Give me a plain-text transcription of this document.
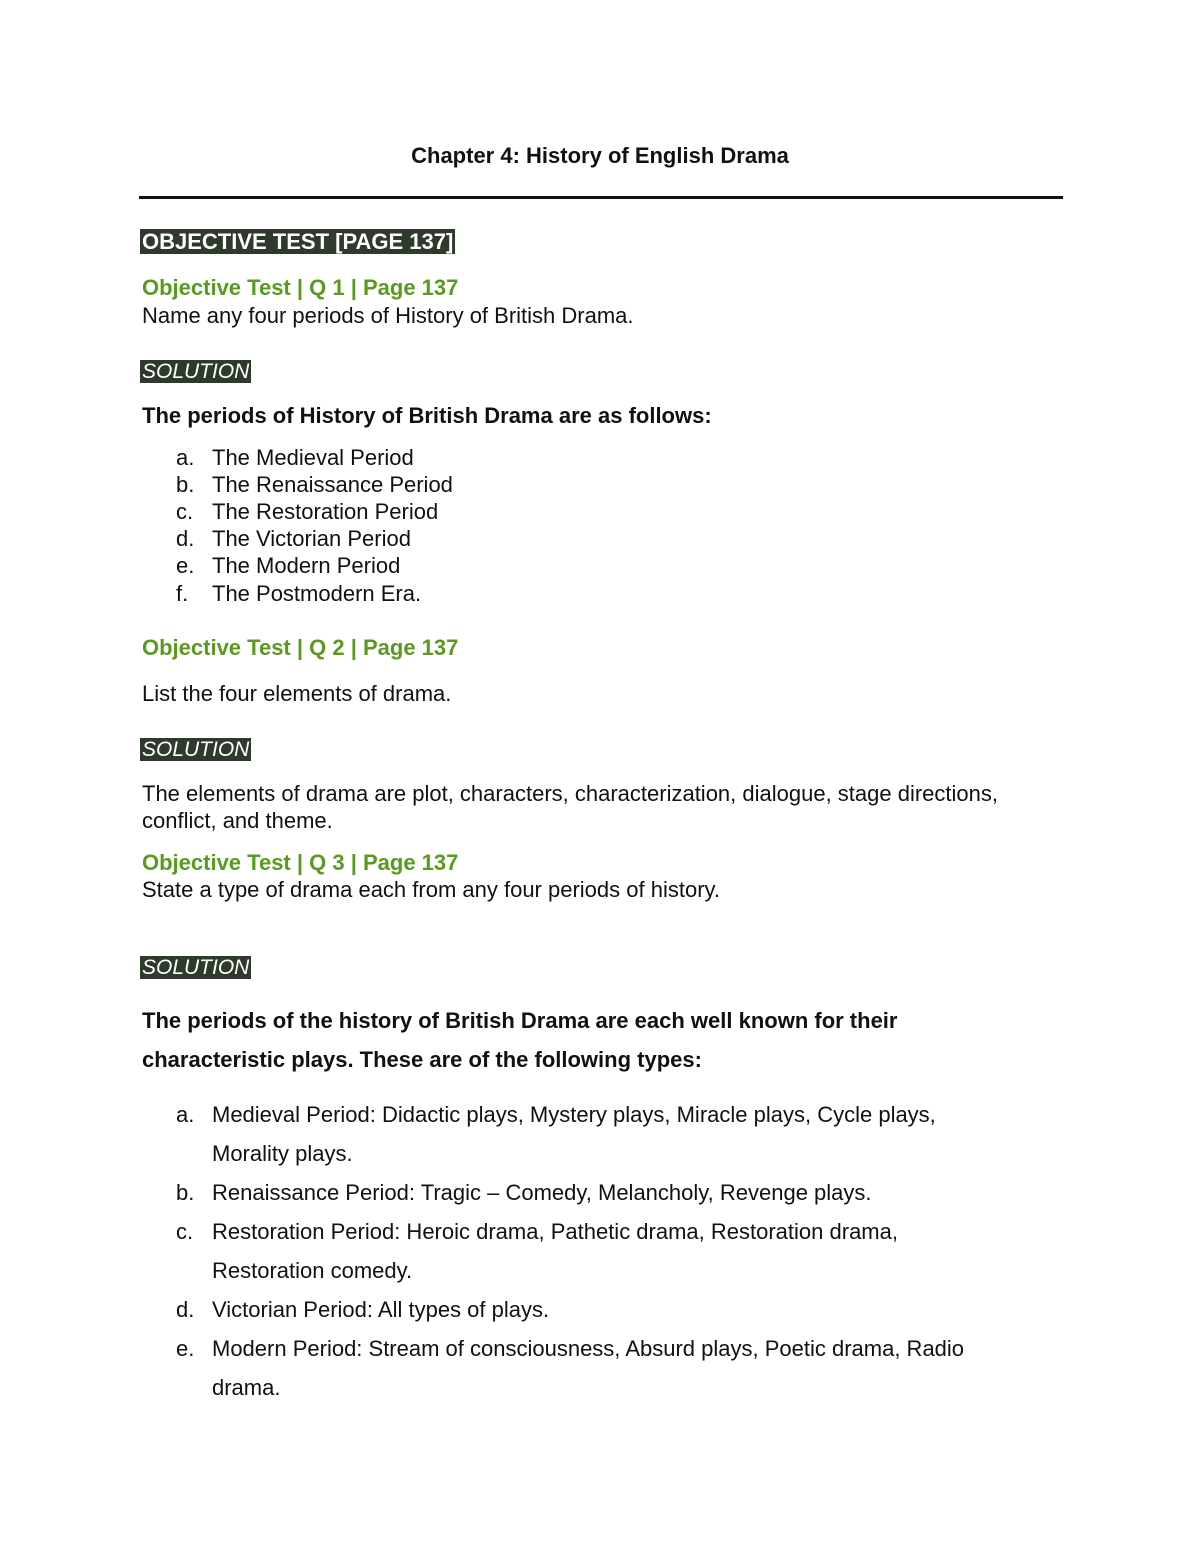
Chapter 4: History of English Drama
OBJECTIVE TEST [PAGE 137]
Objective Test | Q 1 | Page 137
Name any four periods of History of British Drama.
SOLUTION
The periods of History of British Drama are as follows:
a. The Medieval Period
b. The Renaissance Period
c. The Restoration Period
d. The Victorian Period
e. The Modern Period
f. The Postmodern Era.
Objective Test | Q 2 | Page 137
List the four elements of drama.
SOLUTION
The elements of drama are plot, characters, characterization, dialogue, stage directions,
conflict, and theme.
Objective Test | Q 3 | Page 137
State a type of drama each from any four periods of history.
SOLUTION
The periods of the history of British Drama are each well known for their
characteristic plays. These are of the following types:
a. Medieval Period: Didactic plays, Mystery plays, Miracle plays, Cycle plays,
Morality plays.
b. Renaissance Period: Tragic – Comedy, Melancholy, Revenge plays.
c. Restoration Period: Heroic drama, Pathetic drama, Restoration drama,
Restoration comedy.
d. Victorian Period: All types of plays.
e. Modern Period: Stream of consciousness, Absurd plays, Poetic drama, Radio
drama.
